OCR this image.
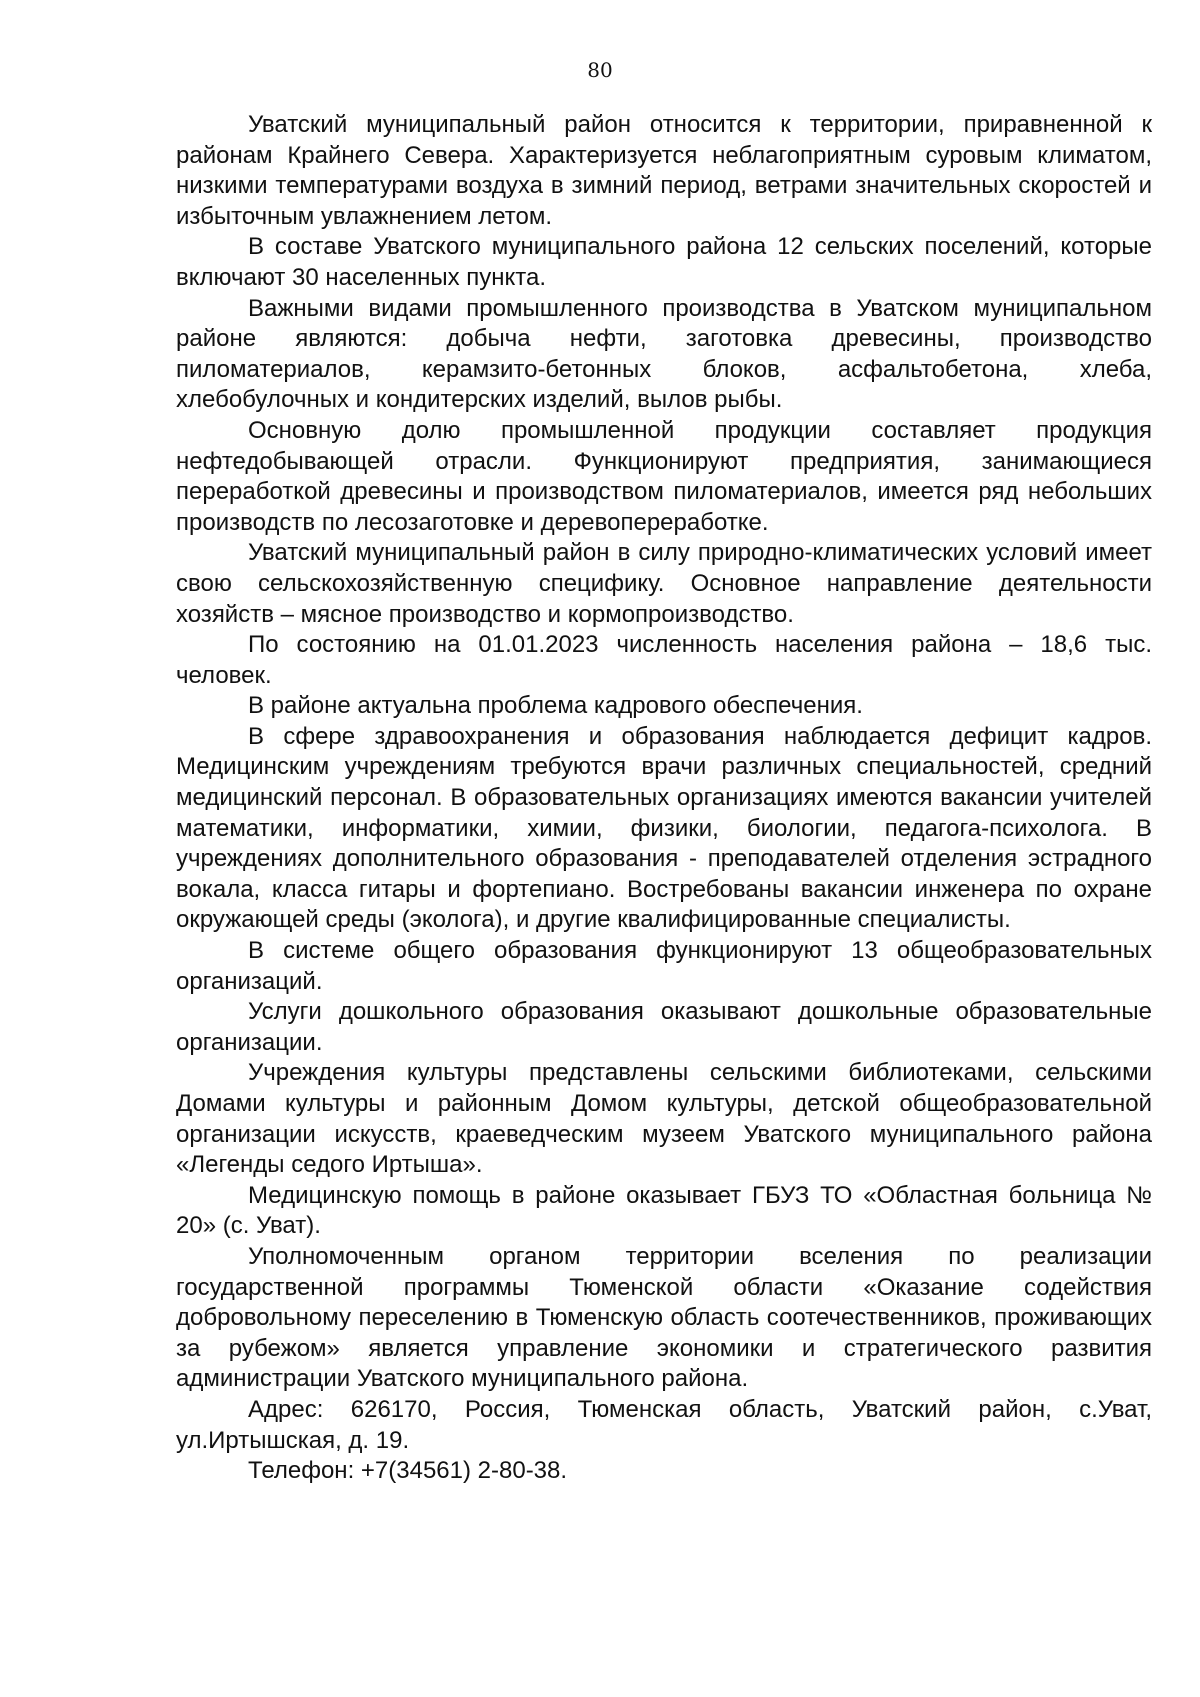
80

Уватский муниципальный район относится к территории, приравненной к районам Крайнего Севера. Характеризуется неблагоприятным суровым климатом, низкими температурами воздуха в зимний период, ветрами значительных скоростей и избыточным увлажнением летом.

В составе Уватского муниципального района 12 сельских поселений, которые включают 30 населенных пункта.

Важными видами промышленного производства в Уватском муниципальном районе являются: добыча нефти, заготовка древесины, производство пиломатериалов, керамзито-бетонных блоков, асфальтобетона, хлеба, хлебобулочных и кондитерских изделий, вылов рыбы.

Основную долю промышленной продукции составляет продукция нефтедобывающей отрасли. Функционируют предприятия, занимающиеся переработкой древесины и производством пиломатериалов, имеется ряд небольших производств по лесозаготовке и деревопереработке.

Уватский муниципальный район в силу природно-климатических условий имеет свою сельскохозяйственную специфику. Основное направление деятельности хозяйств – мясное производство и кормопроизводство.

По состоянию на 01.01.2023 численность населения района – 18,6 тыс. человек.

В районе актуальна проблема кадрового обеспечения.

В сфере здравоохранения и образования наблюдается дефицит кадров. Медицинским учреждениям требуются врачи различных специальностей, средний медицинский персонал. В образовательных организациях имеются вакансии учителей математики, информатики, химии, физики, биологии, педагога-психолога. В учреждениях дополнительного образования - преподавателей отделения эстрадного вокала, класса гитары и фортепиано. Востребованы вакансии инженера по охране окружающей среды (эколога), и другие квалифицированные специалисты.

В системе общего образования функционируют 13 общеобразовательных организаций.

Услуги дошкольного образования оказывают дошкольные образовательные организации.

Учреждения культуры представлены сельскими библиотеками, сельскими Домами культуры и районным Домом культуры, детской общеобразовательной организации искусств, краеведческим музеем Уватского муниципального района «Легенды седого Иртыша».

Медицинскую помощь в районе оказывает ГБУЗ ТО «Областная больница № 20» (с. Уват).

Уполномоченным органом территории вселения по реализации государственной программы Тюменской области «Оказание содействия добровольному переселению в Тюменскую область соотечественников, проживающих за рубежом» является управление экономики и стратегического развития администрации Уватского муниципального района.

Адрес: 626170, Россия, Тюменская область, Уватский район, с.Уват, ул.Иртышская, д. 19.

Телефон: +7(34561) 2-80-38.
